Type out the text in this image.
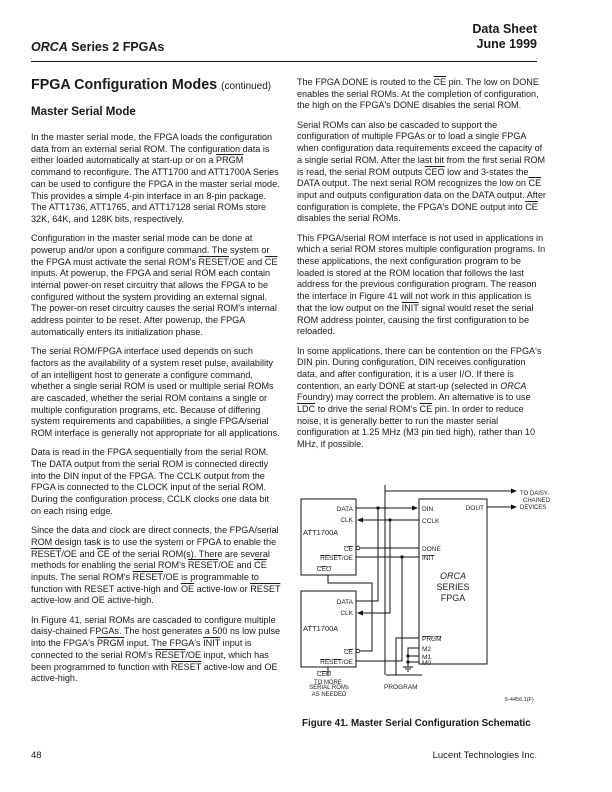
ORCA Series 2 FPGAs
Data Sheet
June 1999
FPGA Configuration Modes (continued)
Master Serial Mode

In the master serial mode, the FPGA loads the configuration data from an external serial ROM. The configuration data is either loaded automatically at start-up or on a PRGM command to reconfigure. The ATT1700 and ATT1700A Series can be used to configure the FPGA in the master serial mode. This provides a simple 4-pin interface in an 8-pin package. The ATT1736, ATT1765, and ATT17128 serial ROMs store 32K, 64K, and 128K bits, respectively.

Configuration in the master serial mode can be done at powerup and/or upon a configure command. The system or the FPGA must activate the serial ROM's RESET/OE and $\overline{CE}$ inputs. At powerup, the FPGA and serial ROM each contain internal power-on reset circuitry that allows the FPGA to be configured without the system providing an external signal. The power-on reset circuitry causes the serial ROM's internal address pointer to be reset. After powerup, the FPGA automatically enters its initialization phase.

The serial ROM/FPGA interface used depends on such factors as the availability of a system reset pulse, availability of an intelligent host to generate a configure command, whether a single serial ROM is used or multiple serial ROMs are cascaded, whether the serial ROM contains a single or multiple configuration programs, etc. Because of differing system requirements and capabilities, a single FPGA/serial ROM interface is generally not appropriate for all applications.

Data is read in the FPGA sequentially from the serial ROM. The DATA output from the serial ROM is connected directly into the DIN input of the FPGA. The CCLK output from the FPGA is connected to the CLOCK input of the serial ROM. During the configuration process, CCLK clocks one data bit on each rising edge.

Since the data and clock are direct connects, the FPGA/serial ROM design task is to use the system or FPGA to enable the RESET/OE and $\overline{CE}$ of the serial ROM(s). There are several methods for enabling the serial ROM's RESET/OE and $\overline{CE}$ inputs. The serial ROM's RESET/OE is programmable to function with RESET active-high and $\overline{OE}$ active-low or RESET active-low and OE active-high.

In Figure 41, serial ROMs are cascaded to configure multiple daisy-chained FPGAs. The host generates a 500 ns low pulse into the FPGA's PRGM input. The FPGA's INIT input is connected to the serial ROM's RESET/OE input, which has been programmed to function with RESET active-low and OE active-high.

The FPGA DONE is routed to the $\overline{CE}$ pin. The low on DONE enables the serial ROMs. At the completion of configuration, the high on the FPGA's DONE disables the serial ROM.

Serial ROMs can also be cascaded to support the configuration of multiple FPGAs or to load a single FPGA when configuration data requirements exceed the capacity of a single serial ROM. After the last bit from the first serial ROM is read, the serial ROM outputs $\overline{CEO}$ low and 3-states the DATA output. The next serial ROM recognizes the low on $\overline{CE}$ input and outputs configuration data on the DATA output. After configuration is complete, the FPGA's DONE output into $\overline{CE}$ disables the serial ROMs.

This FPGA/serial ROM interface is not used in applications in which a serial ROM stores multiple configuration programs. In these applications, the next configuration program to be loaded is stored at the ROM location that follows the last address for the previous configuration program. The reason the interface in Figure 41 will not work in this application is that the low output on the INIT signal would reset the serial ROM address pointer, causing the first configuration to be reloaded.

In some applications, there can be contention on the FPGA's DIN pin. During configuration, DIN receives configuration data, and after configuration, it is a user I/O. If there is contention, an early DONE at start-up (selected in ORCA Foundry) may correct the problem. An alternative is to use $\overline{LDC}$ to drive the serial ROM's $\overline{CE}$ pin. In order to reduce noise, it is generally better to run the master serial configuration at 1.25 MHz (M3 pin tied high), rather than 10 MHz, if possible.

DATA
CLK
ATT1700A
CE
RESET/OE
CEO
DATA
CLK
ATT1700A
CE
RESET/OE
CEO
DIN
CCLK
DONE
INIT
DOUT
PRGM
M2
M1
M0
ORCA
SERIES
FPGA
TO DAISY-
CHAINED
DEVICES
TO MORE
SERIAL ROMs
AS NEEDED
PROGRAM
5-4456.1(F)
Figure 41. Master Serial Configuration Schematic
48	Lucent Technologies Inc.
